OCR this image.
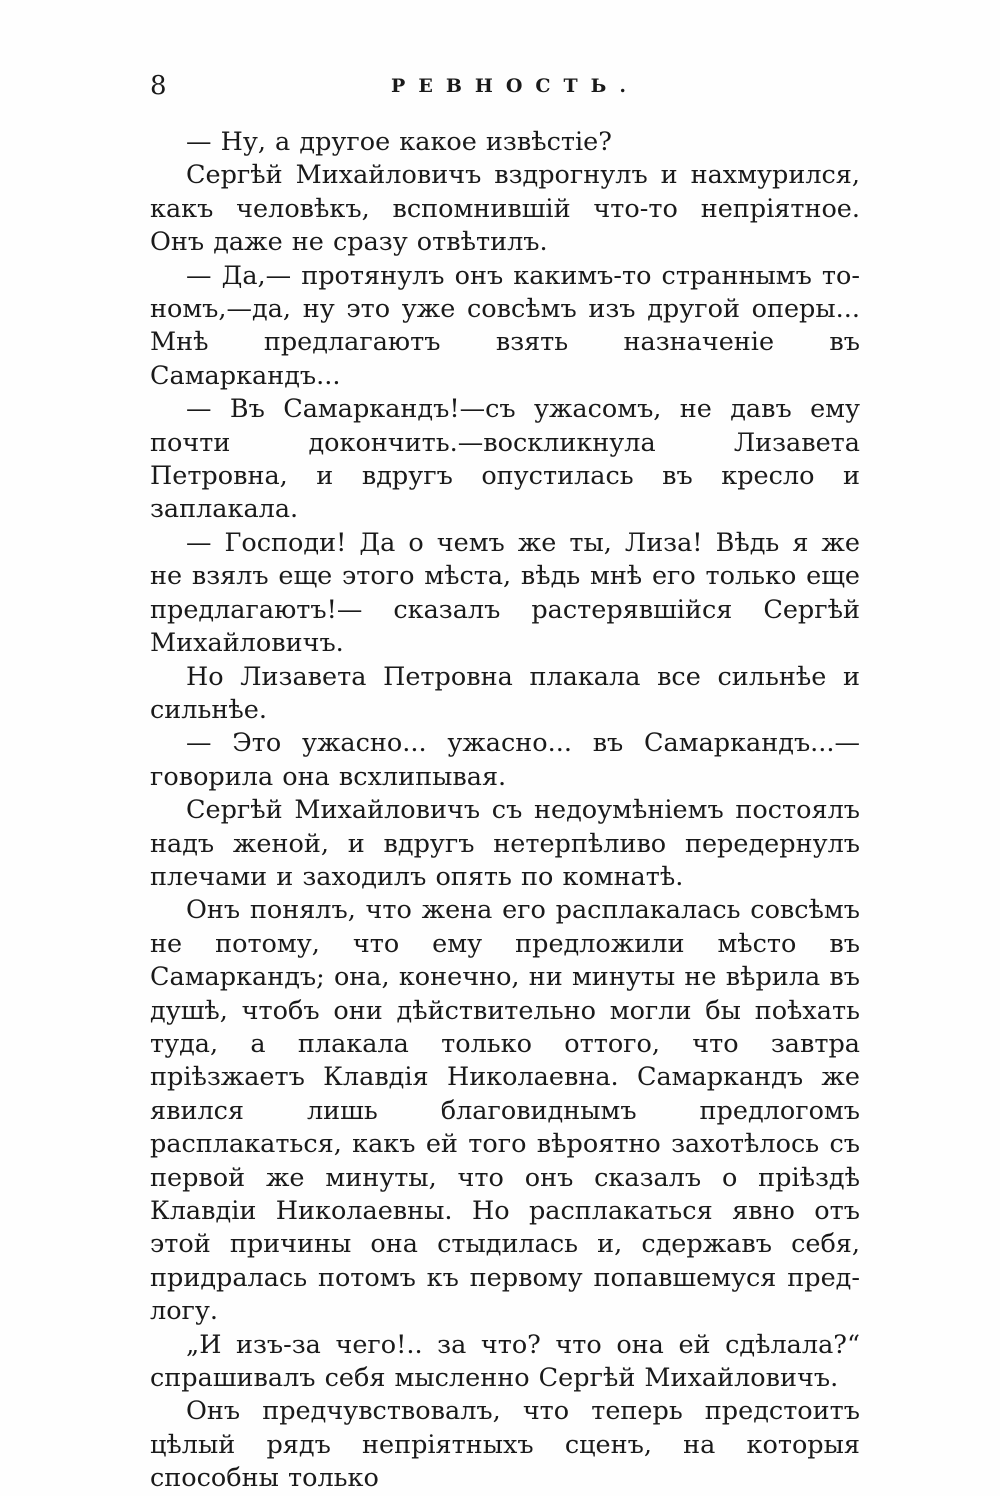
8	РЕВНОСТЬ.

— Ну, а другое какое извѣстіе?

Сергѣй Михайловичъ вздрогнулъ и нахмурился, какъ человѣкъ, вспомнившій что-то непріятное. Онъ даже не сразу отвѣтилъ.

— Да,— протянулъ онъ какимъ-то страннымъ тономъ,—да, ну это уже совсѣмъ изъ другой оперы... Мнѣ предлагаютъ взять назначеніе въ Самаркандъ...

— Въ Самаркандъ!—съ ужасомъ, не давъ ему почти докончить.—воскликнула Лизавета Петровна, и вдругъ опустилась въ кресло и заплакала.

— Господи! Да о чемъ же ты, Лиза! Вѣдь я же не взялъ еще этого мѣста, вѣдь мнѣ его только еще предлагаютъ!— сказалъ растерявшійся Сергѣй Михайловичъ.

Но Лизавета Петровна плакала все сильнѣе и сильнѣе.

— Это ужасно... ужасно... въ Самаркандъ...— говорила она всхлипывая.

Сергѣй Михайловичъ съ недоумѣніемъ постоялъ надъ женой, и вдругъ нетерпѣливо передернулъ плечами и заходилъ опять по комнатѣ.

Онъ понялъ, что жена его расплакалась совсѣмъ не потому, что ему предложили мѣсто въ Самаркандъ; она, конечно, ни минуты не вѣрила въ душѣ, чтобъ они дѣйствительно могли бы поѣхать туда, а плакала только оттого, что завтра пріѣзжаетъ Клавдія Николаевна. Самаркандъ же явился лишь благовиднымъ предлогомъ расплакаться, какъ ей того вѣроятно захотѣлось съ первой же минуты, что онъ сказалъ о пріѣздѣ Клавдіи Николаевны. Но расплакаться явно отъ этой причины она стыдилась и, сдержавъ себя, придралась потомъ къ первому попавшемуся предлогу.

„И изъ-за чего!.. за что? что она ей сдѣлала?“ спрашивалъ себя мысленно Сергѣй Михайловичъ.

Онъ предчувствовалъ, что теперь предстоитъ цѣлый рядъ непріятныхъ сценъ, на которыя способны только
